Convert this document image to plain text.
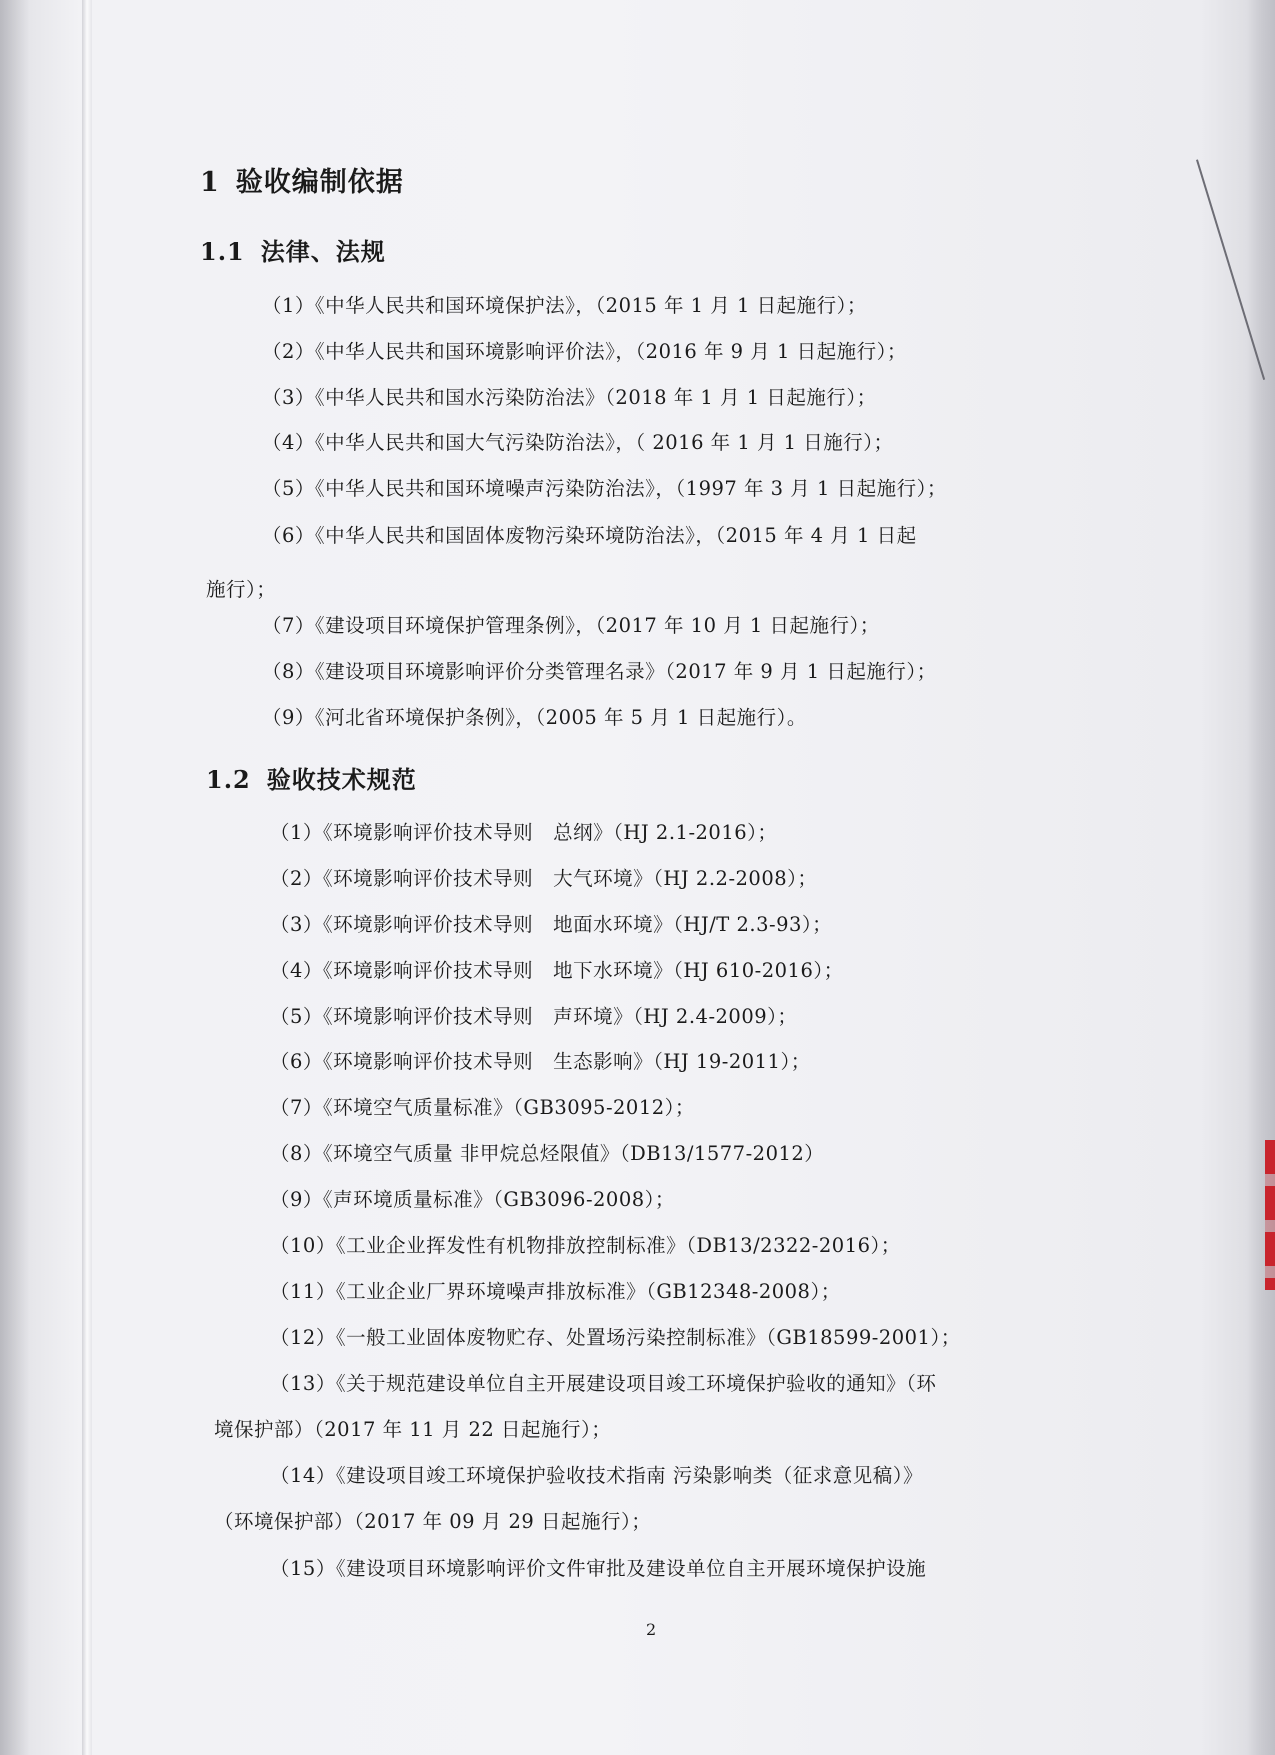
1 验收编制依据
1.1 法律、法规
（1）《中华人民共和国环境保护法》，（2015 年 1 月 1 日起施行）；
（2）《中华人民共和国环境影响评价法》，（2016 年 9 月 1 日起施行）；
（3）《中华人民共和国水污染防治法》（2018 年 1 月 1 日起施行）；
（4）《中华人民共和国大气污染防治法》，（ 2016 年 1 月 1 日施行）；
（5）《中华人民共和国环境噪声污染防治法》，（1997 年 3 月 1 日起施行）；
（6）《中华人民共和国固体废物污染环境防治法》，（2015 年 4 月 1 日起
施行）；
（7）《建设项目环境保护管理条例》，（2017 年 10 月 1 日起施行）；
（8）《建设项目环境影响评价分类管理名录》（2017 年 9 月 1 日起施行）；
（9）《河北省环境保护条例》，（2005 年 5 月 1 日起施行）。
1.2 验收技术规范
（1）《环境影响评价技术导则　总纲》（HJ 2.1-2016）；
（2）《环境影响评价技术导则　大气环境》（HJ 2.2-2008）；
（3）《环境影响评价技术导则　地面水环境》（HJ/T 2.3-93）；
（4）《环境影响评价技术导则　地下水环境》（HJ 610-2016）；
（5）《环境影响评价技术导则　声环境》（HJ 2.4-2009）；
（6）《环境影响评价技术导则　生态影响》（HJ 19-2011）；
（7）《环境空气质量标准》（GB3095-2012）；
（8）《环境空气质量 非甲烷总烃限值》（DB13/1577-2012）
（9）《声环境质量标准》（GB3096-2008）；
（10）《工业企业挥发性有机物排放控制标准》（DB13/2322-2016）；
（11）《工业企业厂界环境噪声排放标准》（GB12348-2008）；
（12）《一般工业固体废物贮存、处置场污染控制标准》（GB18599-2001）；
（13）《关于规范建设单位自主开展建设项目竣工环境保护验收的通知》（环
境保护部）（2017 年 11 月 22 日起施行）；
（14）《建设项目竣工环境保护验收技术指南 污染影响类（征求意见稿）》
（环境保护部）（2017 年 09 月 29 日起施行）；
（15）《建设项目环境影响评价文件审批及建设单位自主开展环境保护设施
2
